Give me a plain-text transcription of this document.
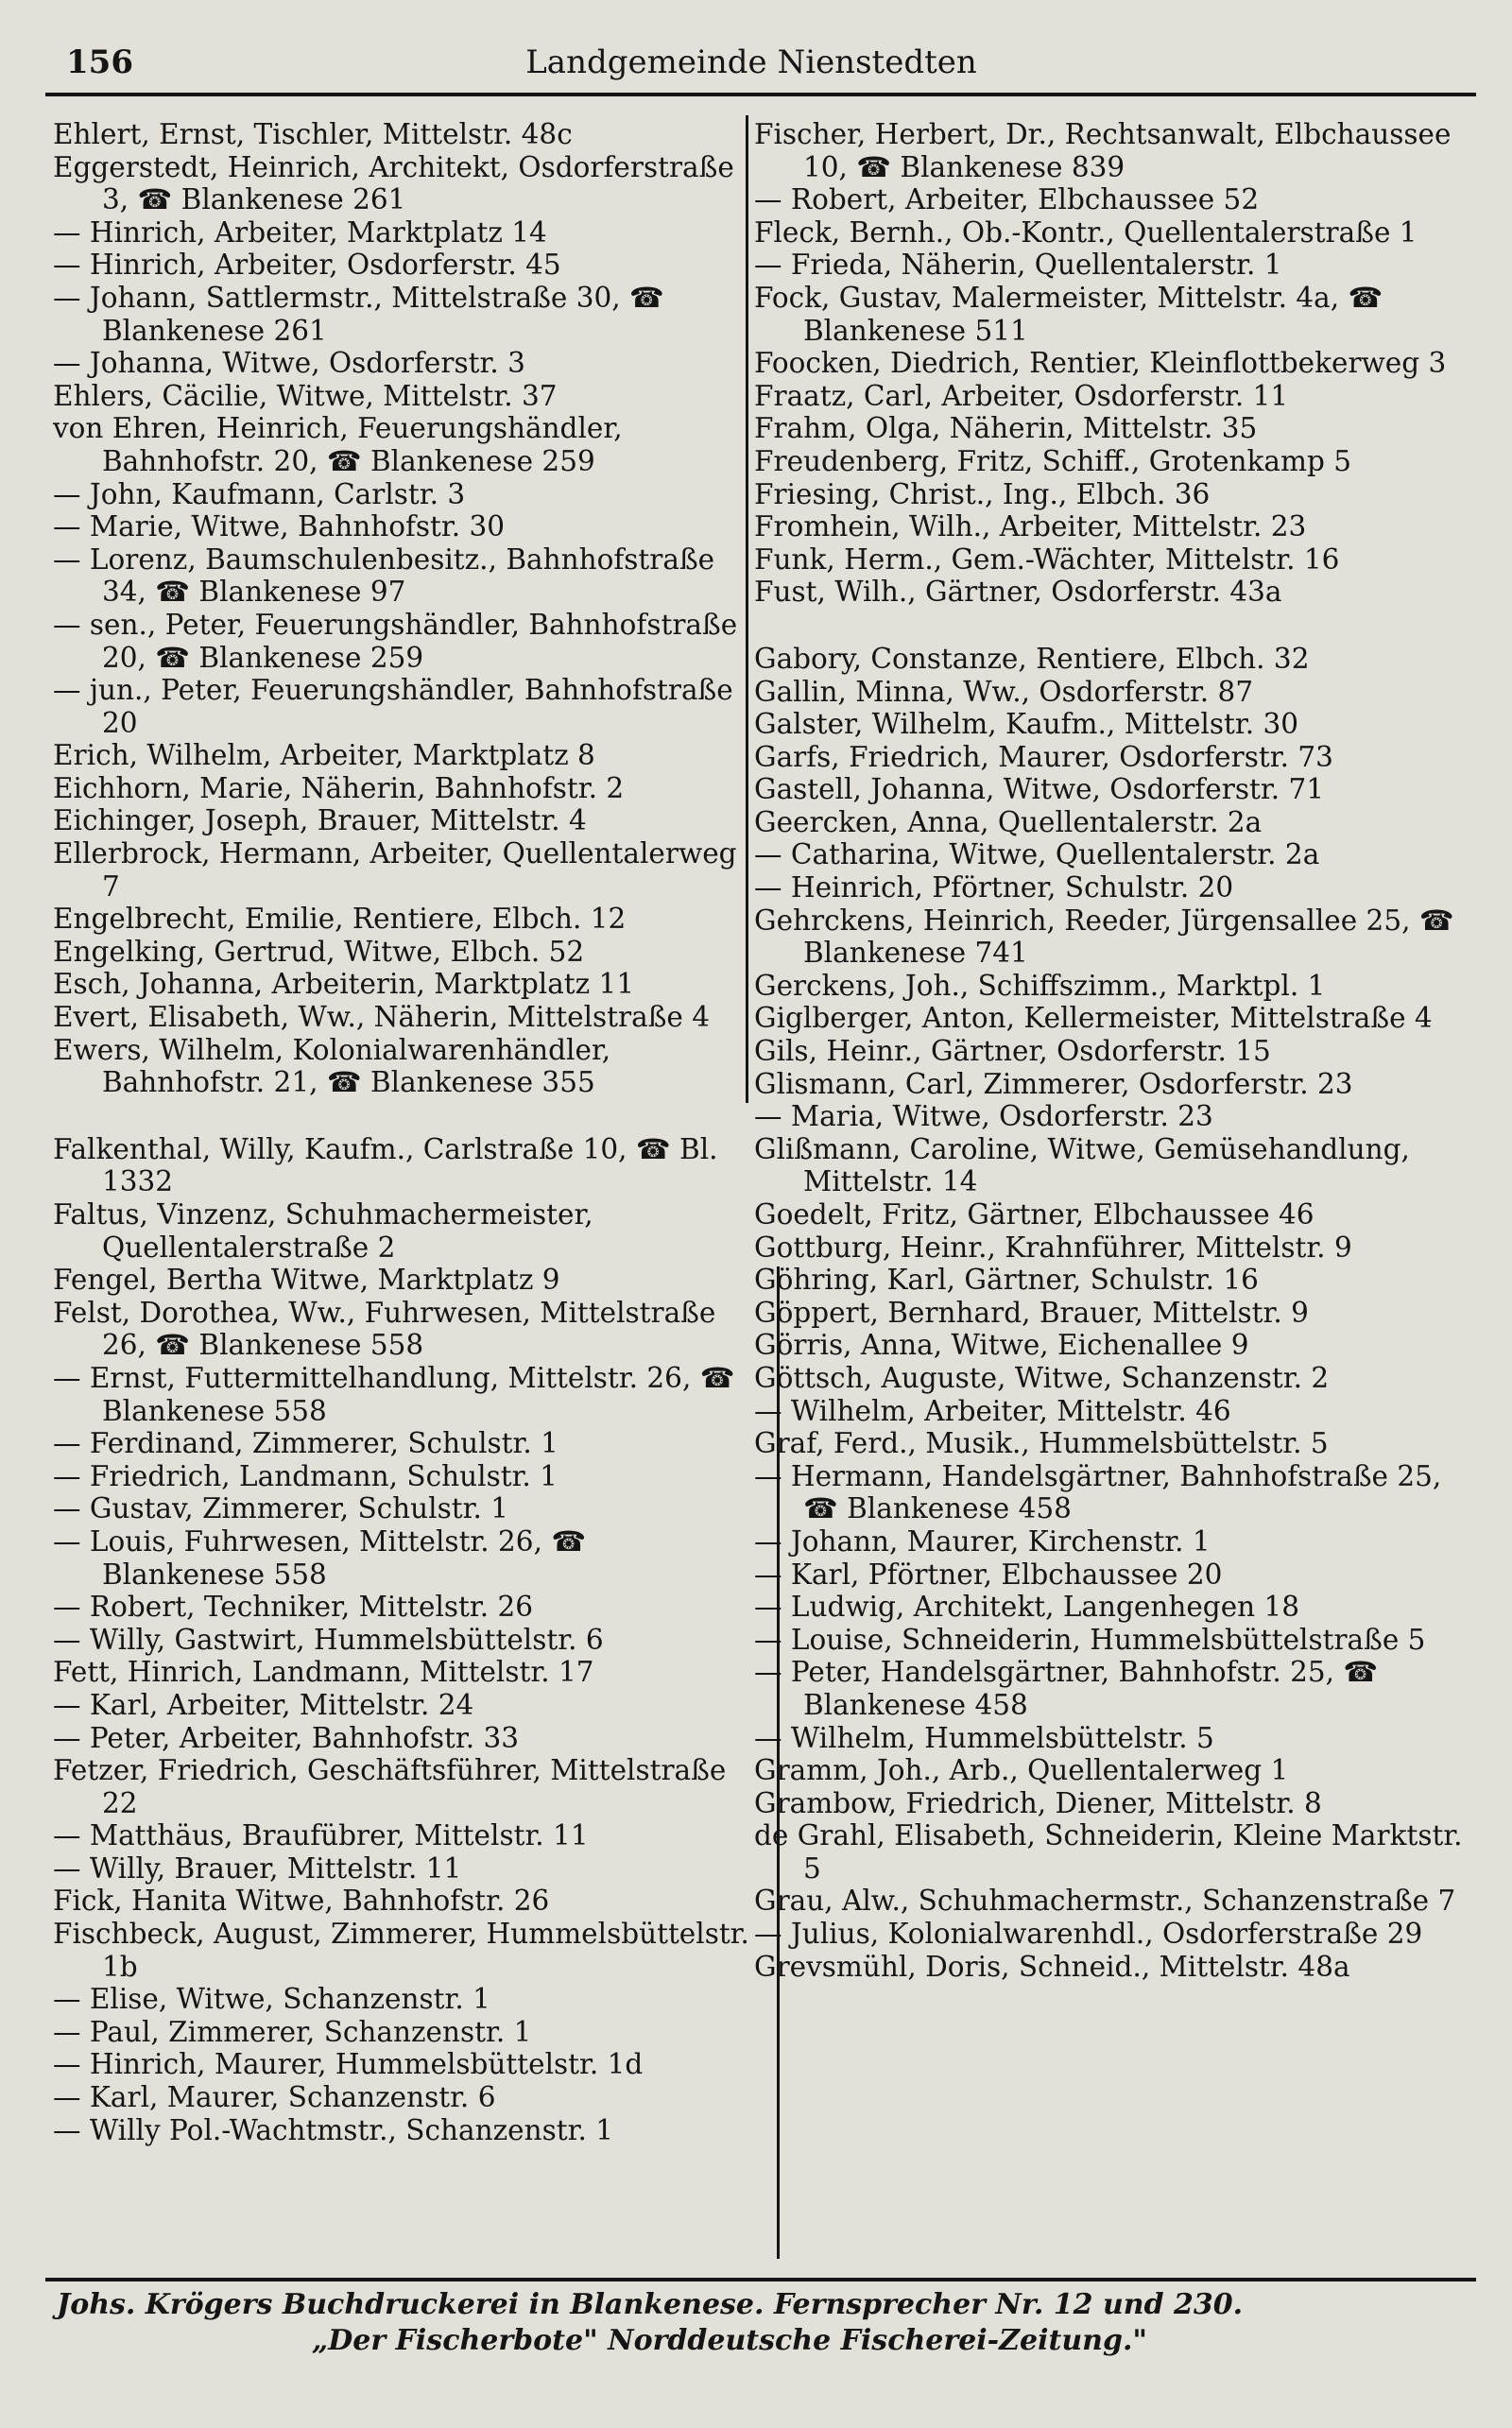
156	Landgemeinde Nienstedten
Ehlert, Ernst, Tischler, Mittelstr. 48c
Eggerstedt, Heinrich, Architekt, Osdorferstraße 3, ☎ Blankenese 261
— Hinrich, Arbeiter, Marktplatz 14
— Hinrich, Arbeiter, Osdorferstr. 45
— Johann, Sattlermstr., Mittelstraße 30, ☎ Blankenese 261
— Johanna, Witwe, Osdorferstr. 3
Ehlers, Cäcilie, Witwe, Mittelstr. 37
von Ehren, Heinrich, Feuerungshändler, Bahnhofstr. 20, ☎ Blankenese 259
— John, Kaufmann, Carlstr. 3
— Marie, Witwe, Bahnhofstr. 30
— Lorenz, Baumschulenbesitz., Bahnhofstraße 34, ☎ Blankenese 97
— sen., Peter, Feuerungshändler, Bahnhofstraße 20, ☎ Blankenese 259
— jun., Peter, Feuerungshändler, Bahnhofstraße 20
Erich, Wilhelm, Arbeiter, Marktplatz 8
Eichhorn, Marie, Näherin, Bahnhofstr. 2
Eichinger, Joseph, Brauer, Mittelstr. 4
Ellerbrock, Hermann, Arbeiter, Quellentalerweg 7
Engelbrecht, Emilie, Rentiere, Elbch. 12
Engelking, Gertrud, Witwe, Elbch. 52
Esch, Johanna, Arbeiterin, Marktplatz 11
Evert, Elisabeth, Ww., Näherin, Mittelstraße 4
Ewers, Wilhelm, Kolonialwarenhändler, Bahnhofstr. 21, ☎ Blankenese 355
Falkenthal, Willy, Kaufm., Carlstraße 10, ☎ Bl. 1332
Faltus, Vinzenz, Schuhmachermeister, Quellentalerstraße 2
Fengel, Bertha Witwe, Marktplatz 9
Felst, Dorothea, Ww., Fuhrwesen, Mittelstraße 26, ☎ Blankenese 558
— Ernst, Futtermittelhandlung, Mittelstr. 26, ☎ Blankenese 558
— Ferdinand, Zimmerer, Schulstr. 1
— Friedrich, Landmann, Schulstr. 1
— Gustav, Zimmerer, Schulstr. 1
— Louis, Fuhrwesen, Mittelstr. 26, ☎ Blankenese 558
— Robert, Techniker, Mittelstr. 26
— Willy, Gastwirt, Hummelsbüttelstr. 6
Fett, Hinrich, Landmann, Mittelstr. 17
— Karl, Arbeiter, Mittelstr. 24
— Peter, Arbeiter, Bahnhofstr. 33
Fetzer, Friedrich, Geschäftsführer, Mittelstraße 22
— Matthäus, Braufübrer, Mittelstr. 11
— Willy, Brauer, Mittelstr. 11
Fick, Hanita Witwe, Bahnhofstr. 26
Fischbeck, August, Zimmerer, Hummelsbüttelstr. 1b
— Elise, Witwe, Schanzenstr. 1
— Paul, Zimmerer, Schanzenstr. 1
— Hinrich, Maurer, Hummelsbüttelstr. 1d
— Karl, Maurer, Schanzenstr. 6
— Willy Pol.-Wachtmstr., Schanzenstr. 1
Fischer, Herbert, Dr., Rechtsanwalt, Elbchaussee 10, ☎ Blankenese 839
— Robert, Arbeiter, Elbchaussee 52
Fleck, Bernh., Ob.-Kontr., Quellentalerstraße 1
— Frieda, Näherin, Quellentalerstr. 1
Fock, Gustav, Malermeister, Mittelstr. 4a, ☎ Blankenese 511
Foocken, Diedrich, Rentier, Kleinflottbekerweg 3
Fraatz, Carl, Arbeiter, Osdorferstr. 11
Frahm, Olga, Näherin, Mittelstr. 35
Freudenberg, Fritz, Schiff., Grotenkamp 5
Friesing, Christ., Ing., Elbch. 36
Fromhein, Wilh., Arbeiter, Mittelstr. 23
Funk, Herm., Gem.-Wächter, Mittelstr. 16
Fust, Wilh., Gärtner, Osdorferstr. 43a
Gabory, Constanze, Rentiere, Elbch. 32
Gallin, Minna, Ww., Osdorferstr. 87
Galster, Wilhelm, Kaufm., Mittelstr. 30
Garfs, Friedrich, Maurer, Osdorferstr. 73
Gastell, Johanna, Witwe, Osdorferstr. 71
Geercken, Anna, Quellentalerstr. 2a
— Catharina, Witwe, Quellentalerstr. 2a
— Heinrich, Pförtner, Schulstr. 20
Gehrckens, Heinrich, Reeder, Jürgensallee 25, ☎ Blankenese 741
Gerckens, Joh., Schiffszimm., Marktpl. 1
Giglberger, Anton, Kellermeister, Mittelstraße 4
Gils, Heinr., Gärtner, Osdorferstr. 15
Glismann, Carl, Zimmerer, Osdorferstr. 23
— Maria, Witwe, Osdorferstr. 23
Glißmann, Caroline, Witwe, Gemüsehandlung, Mittelstr. 14
Goedelt, Fritz, Gärtner, Elbchaussee 46
Gottburg, Heinr., Krahnführer, Mittelstr. 9
Göhring, Karl, Gärtner, Schulstr. 16
Göppert, Bernhard, Brauer, Mittelstr. 9
Görris, Anna, Witwe, Eichenallee 9
Göttsch, Auguste, Witwe, Schanzenstr. 2
— Wilhelm, Arbeiter, Mittelstr. 46
Graf, Ferd., Musik., Hummelsbüttelstr. 5
— Hermann, Handelsgärtner, Bahnhofstraße 25, ☎ Blankenese 458
— Johann, Maurer, Kirchenstr. 1
— Karl, Pförtner, Elbchaussee 20
— Ludwig, Architekt, Langenhegen 18
— Louise, Schneiderin, Hummelsbüttelstraße 5
— Peter, Handelsgärtner, Bahnhofstr. 25, ☎ Blankenese 458
— Wilhelm, Hummelsbüttelstr. 5
Gramm, Joh., Arb., Quellentalerweg 1
Grambow, Friedrich, Diener, Mittelstr. 8
de Grahl, Elisabeth, Schneiderin, Kleine Marktstr. 5
Grau, Alw., Schuhmachermstr., Schanzenstraße 7
— Julius, Kolonialwarenhdl., Osdorferstraße 29
Grevsmühl, Doris, Schneid., Mittelstr. 48a
Johs. Krögers Buchdruckerei in Blankenese. Fernsprecher Nr. 12 und 230.
„Der Fischerbote" Norddeutsche Fischerei-Zeitung."
